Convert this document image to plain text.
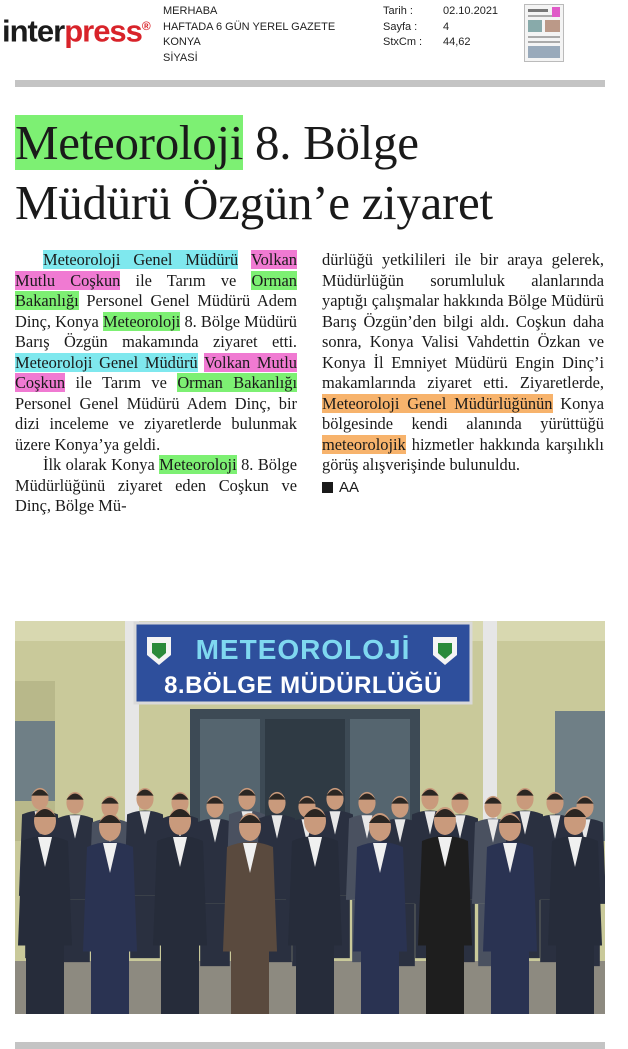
interpress®
MERHABA
HAFTADA 6 GÜN YEREL GAZETE
KONYA
SİYASİ
Tarih :	02.10.2021
Sayfa :	4
StxCm :	44,62
Meteoroloji 8. Bölge
Müdürü Özgün’e ziyaret

Meteoroloji Genel Müdürü Volkan Mutlu Coşkun ile Tarım ve Orman Bakanlığı Personel Genel Müdürü Adem Dinç, Konya Meteoroloji 8. Bölge Müdürü Barış Özgün makamında ziyaret etti. Meteoroloji Genel Müdürü Volkan Mutlu Coşkun ile Tarım ve Orman Bakanlığı Personel Genel Müdürü Adem Dinç, bir dizi inceleme ve ziyaretlerde bulunmak üzere Konya’ya geldi.

İlk olarak Konya Meteoroloji 8. Bölge Müdürlüğünü ziyaret eden Coşkun ve Dinç, Bölge Mü-

dürlüğü yetkilileri ile bir araya gelerek, Müdürlüğün sorumluluk alanlarında yaptığı çalışmalar hakkında Bölge Müdürü Barış Özgün’den bilgi aldı. Coşkun daha sonra, Konya Valisi Vahdettin Özkan ve Konya İl Emniyet Müdürü Engin Dinç’i makamlarında ziyaret etti. Ziyaretlerde, Meteoroloji Genel Müdürlüğünün Konya bölgesinde kendi alanında yürüttüğü meteorolojik hizmetler hakkında karşılıklı görüş alışverişinde bulunuldu.

AA
METEOROLOJİ
8.BÖLGE MÜDÜRLÜĞÜ
